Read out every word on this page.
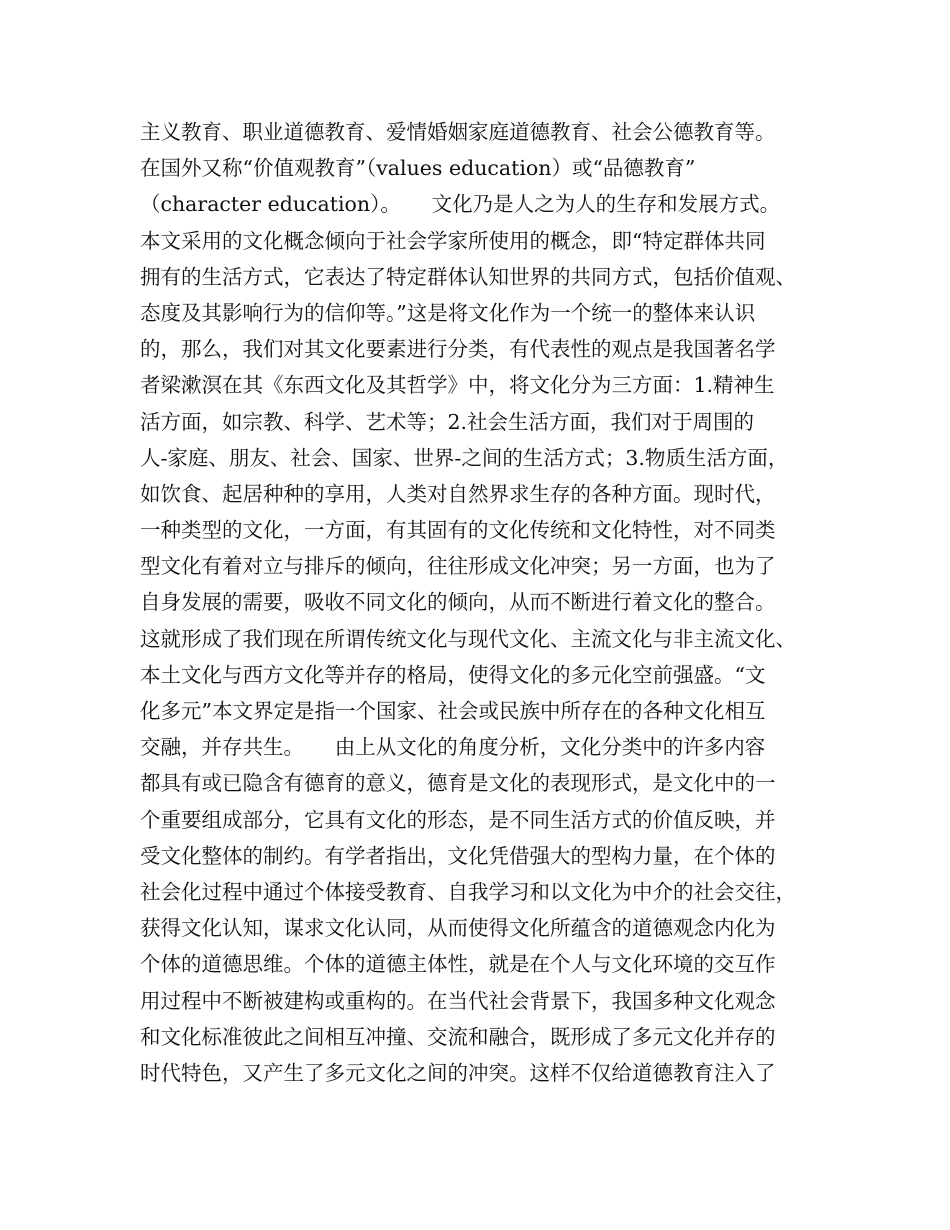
主义教育、职业道德教育、爱情婚姻家庭道德教育、社会公德教育等。
在国外又称“价值观教育”（values education）或“品德教育”
（character education）。　　文化乃是人之为人的生存和发展方式。
本文采用的文化概念倾向于社会学家所使用的概念，即“特定群体共同
拥有的生活方式，它表达了特定群体认知世界的共同方式，包括价值观、
态度及其影响行为的信仰等。”这是将文化作为一个统一的整体来认识
的，那么，我们对其文化要素进行分类，有代表性的观点是我国著名学
者梁漱溟在其《东西文化及其哲学》中，将文化分为三方面：1.精神生
活方面，如宗教、科学、艺术等；2.社会生活方面，我们对于周围的
人-家庭、朋友、社会、国家、世界-之间的生活方式；3.物质生活方面，
如饮食、起居种种的享用，人类对自然界求生存的各种方面。现时代，
一种类型的文化，一方面，有其固有的文化传统和文化特性，对不同类
型文化有着对立与排斥的倾向，往往形成文化冲突；另一方面，也为了
自身发展的需要，吸收不同文化的倾向，从而不断进行着文化的整合。
这就形成了我们现在所谓传统文化与现代文化、主流文化与非主流文化、
本土文化与西方文化等并存的格局，使得文化的多元化空前强盛。“文
化多元”本文界定是指一个国家、社会或民族中所存在的各种文化相互
交融，并存共生。　　由上从文化的角度分析，文化分类中的许多内容
都具有或已隐含有德育的意义，德育是文化的表现形式，是文化中的一
个重要组成部分，它具有文化的形态，是不同生活方式的价值反映，并
受文化整体的制约。有学者指出，文化凭借强大的型构力量，在个体的
社会化过程中通过个体接受教育、自我学习和以文化为中介的社会交往，
获得文化认知，谋求文化认同，从而使得文化所蕴含的道德观念内化为
个体的道德思维。个体的道德主体性，就是在个人与文化环境的交互作
用过程中不断被建构或重构的。在当代社会背景下，我国多种文化观念
和文化标准彼此之间相互冲撞、交流和融合，既形成了多元文化并存的
时代特色，又产生了多元文化之间的冲突。这样不仅给道德教育注入了
